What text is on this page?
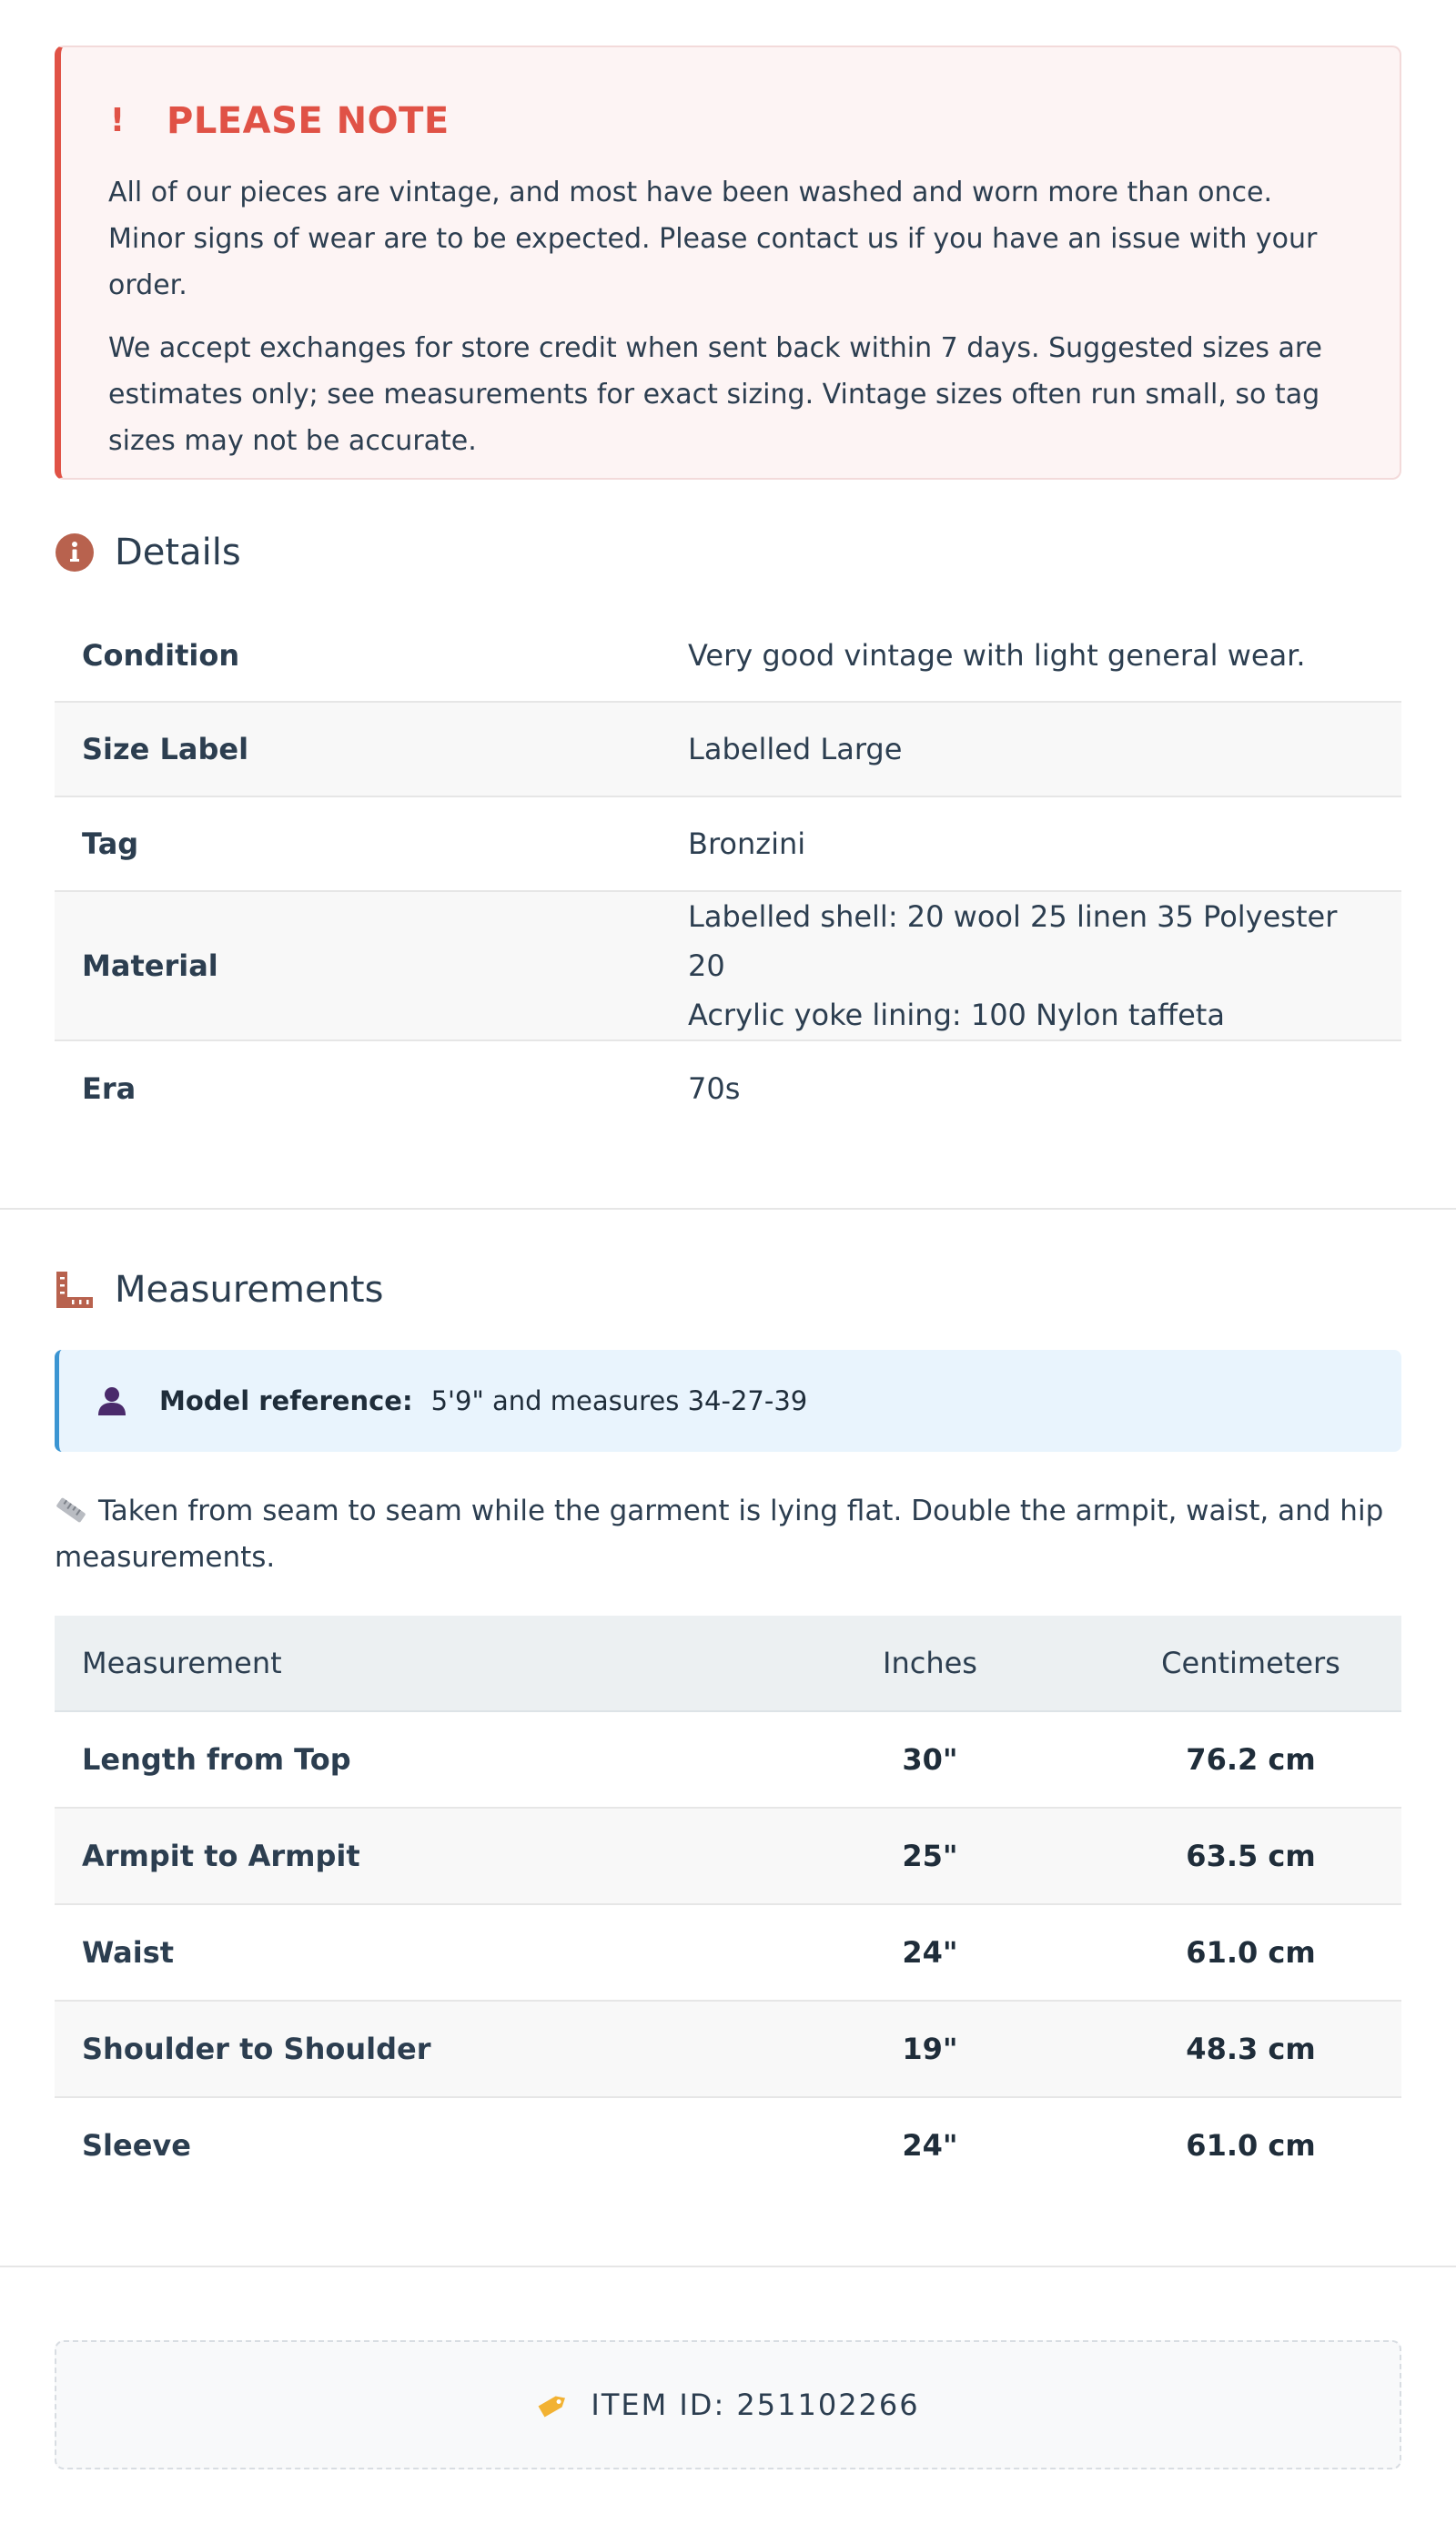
! PLEASE NOTE

All of our pieces are vintage, and most have been washed and worn more than once. Minor signs of wear are to be expected. Please contact us if you have an issue with your order.

We accept exchanges for store credit when sent back within 7 days. Suggested sizes are estimates only; see measurements for exact sizing. Vintage sizes often run small, so tag sizes may not be accurate.

Details
Condition	Very good vintage with light general wear.
Size Label	Labelled Large
Tag	Bronzini
Material	Labelled shell: 20 wool 25 linen 35 Polyester 20
Acrylic yoke lining: 100 Nylon taffeta

Era	70s
Measurements
Model reference: 5'9" and measures 34-27-39
Taken from seam to seam while the garment is lying flat. Double the armpit, waist, and hip measurements.
Measurement	Inches	Centimeters
Length from Top	30"	76.2 cm
Armpit to Armpit	25"	63.5 cm
Waist	24"	61.0 cm
Shoulder to Shoulder	19"	48.3 cm
Sleeve	24"	61.0 cm
ITEM ID: 251102266
